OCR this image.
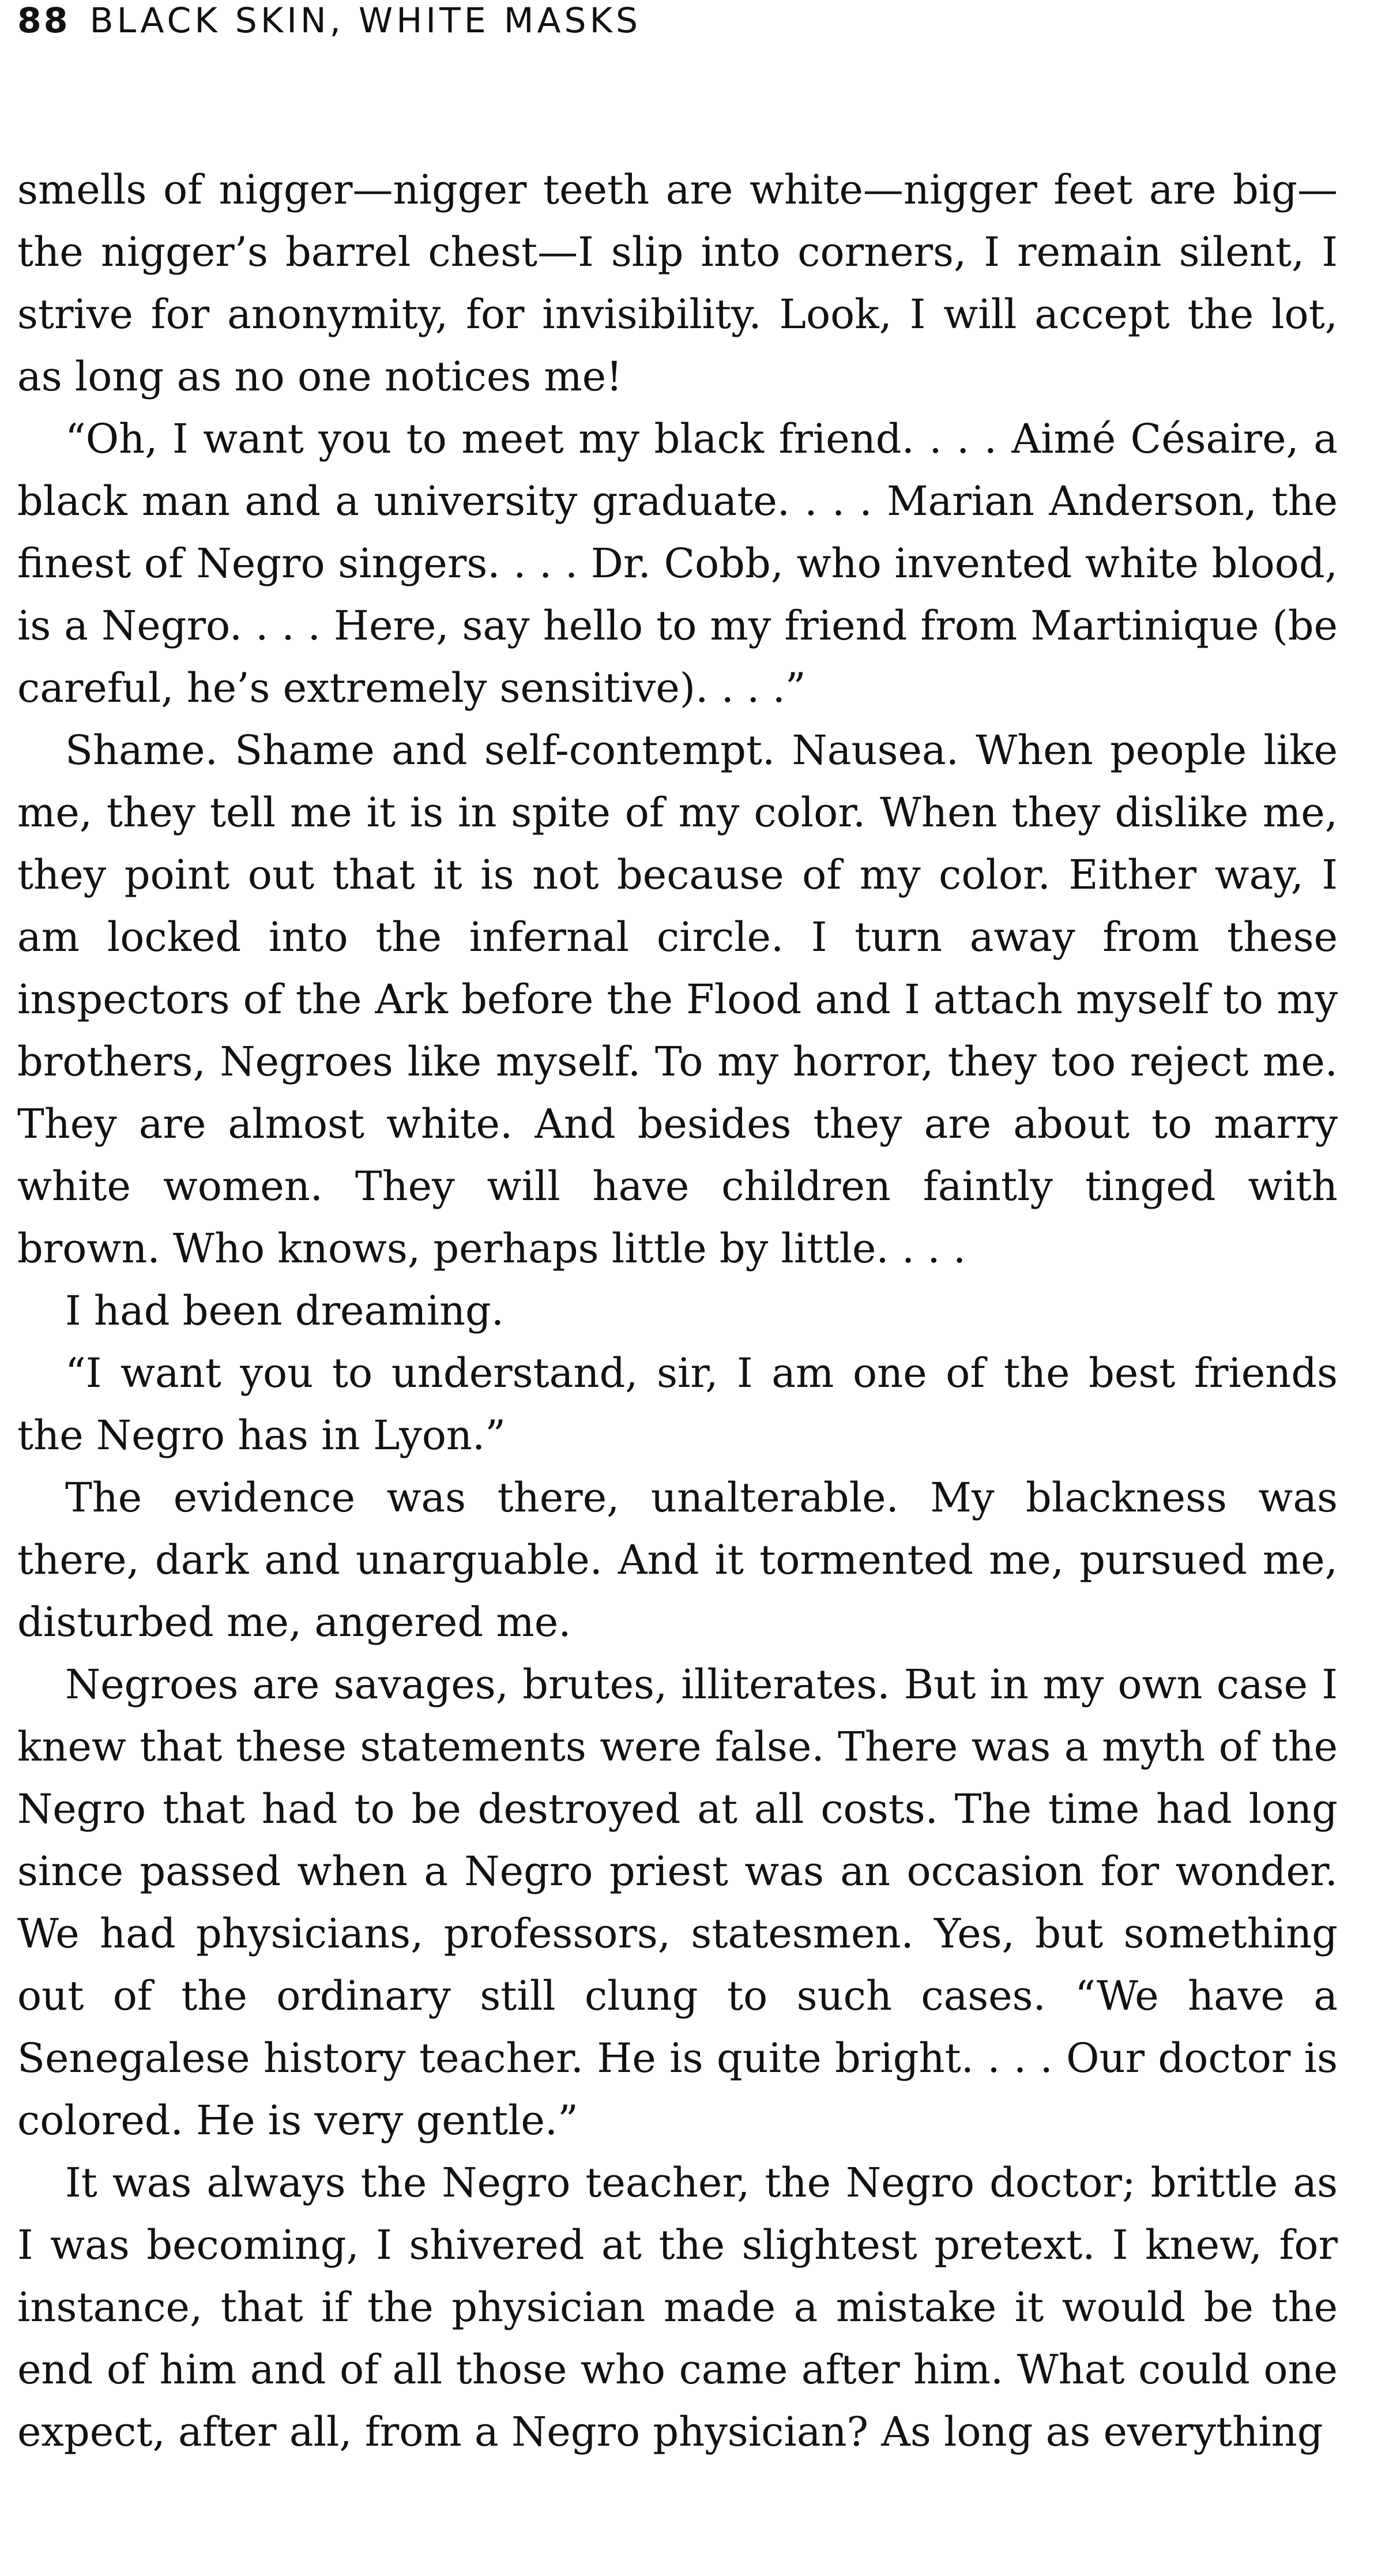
88 BLACK SKIN, WHITE MASKS

smells of nigger—nigger teeth are white—nigger feet are big—the nigger’s barrel chest—I slip into corners, I remain silent, I strive for anonymity, for invisibility. Look, I will accept the lot, as long as no one notices me!

“Oh, I want you to meet my black friend. . . . Aimé Césaire, a black man and a university graduate. . . . Marian Anderson, the finest of Negro singers. . . . Dr. Cobb, who invented white blood, is a Negro. . . . Here, say hello to my friend from Martinique (be careful, he’s extremely sensitive). . . .”

Shame. Shame and self-contempt. Nausea. When people like me, they tell me it is in spite of my color. When they dislike me, they point out that it is not because of my color. Either way, I am locked into the infernal circle. I turn away from these inspectors of the Ark before the Flood and I attach myself to my brothers, Negroes like myself. To my horror, they too reject me. They are almost white. And besides they are about to marry white women. They will have children faintly tinged with brown. Who knows, perhaps little by little. . . .

I had been dreaming.

“I want you to understand, sir, I am one of the best friends the Negro has in Lyon.”

The evidence was there, unalterable. My blackness was there, dark and unarguable. And it tormented me, pursued me, disturbed me, angered me.

Negroes are savages, brutes, illiterates. But in my own case I knew that these statements were false. There was a myth of the Negro that had to be destroyed at all costs. The time had long since passed when a Negro priest was an occasion for wonder. We had physicians, professors, statesmen. Yes, but something out of the ordinary still clung to such cases. “We have a Senegalese history teacher. He is quite bright. . . . Our doctor is colored. He is very gentle.”

It was always the Negro teacher, the Negro doctor; brittle as I was becoming, I shivered at the slightest pretext. I knew, for instance, that if the physician made a mistake it would be the end of him and of all those who came after him. What could one expect, after all, from a Negro physician? As long as everything
